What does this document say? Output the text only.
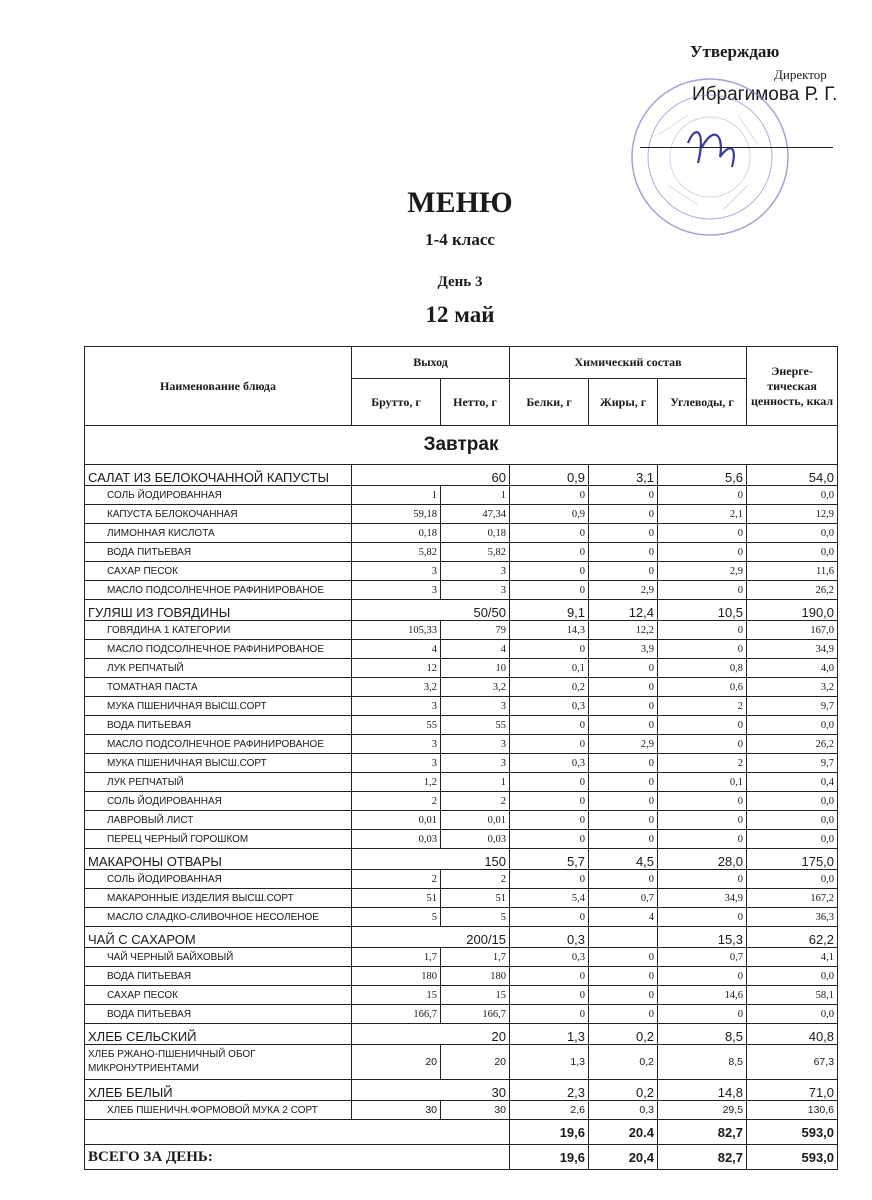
Утверждаю
Директор
Ибрагимова Р. Г.
МЕНЮ
1-4 класс
День 3
12 май
Наименование блюда	Выход		Химический состав			Энерге-тическая ценность, ккал
	Брутто, г	Нетто, г	Белки, г	Жиры, г	Углеводы, г	
Завтрак						
САЛАТ ИЗ БЕЛОКОЧАННОЙ КАПУСТЫ	60		0,9	3,1	5,6	54,0
СОЛЬ ЙОДИРОВАННАЯ	1	1	0	0	0	0,0
КАПУСТА БЕЛОКОЧАННАЯ	59,18	47,34	0,9	0	2,1	12,9
ЛИМОННАЯ КИСЛОТА	0,18	0,18	0	0	0	0,0
ВОДА ПИТЬЕВАЯ	5,82	5,82	0	0	0	0,0
САХАР ПЕСОК	3	3	0	0	2,9	11,6
МАСЛО ПОДСОЛНЕЧНОЕ РАФИНИРОВАНОЕ	3	3	0	2,9	0	26,2
ГУЛЯШ ИЗ ГОВЯДИНЫ	50/50		9,1	12,4	10,5	190,0
ГОВЯДИНА 1 КАТЕГОРИИ	105,33	79	14,3	12,2	0	167,0
МАСЛО ПОДСОЛНЕЧНОЕ РАФИНИРОВАНОЕ	4	4	0	3,9	0	34,9
ЛУК РЕПЧАТЫЙ	12	10	0,1	0	0,8	4,0
ТОМАТНАЯ ПАСТА	3,2	3,2	0,2	0	0,6	3,2
МУКА ПШЕНИЧНАЯ ВЫСШ.СОРТ	3	3	0,3	0	2	9,7
ВОДА ПИТЬЕВАЯ	55	55	0	0	0	0,0
МАСЛО ПОДСОЛНЕЧНОЕ РАФИНИРОВАНОЕ	3	3	0	2,9	0	26,2
МУКА ПШЕНИЧНАЯ ВЫСШ.СОРТ	3	3	0,3	0	2	9,7
ЛУК РЕПЧАТЫЙ	1,2	1	0	0	0,1	0,4
СОЛЬ ЙОДИРОВАННАЯ	2	2	0	0	0	0,0
ЛАВРОВЫЙ ЛИСТ	0,01	0,01	0	0	0	0,0
ПЕРЕЦ ЧЕРНЫЙ ГОРОШКОМ	0,03	0,03	0	0	0	0,0
МАКАРОНЫ ОТВАРЫ	150		5,7	4,5	28,0	175,0
СОЛЬ ЙОДИРОВАННАЯ	2	2	0	0	0	0,0
МАКАРОННЫЕ ИЗДЕЛИЯ ВЫСШ.СОРТ	51	51	5,4	0,7	34,9	167,2
МАСЛО СЛАДКО-СЛИВОЧНОЕ НЕСОЛЕНОЕ	5	5	0	4	0	36,3
ЧАЙ С САХАРОМ	200/15		0,3		15,3	62,2
ЧАЙ ЧЕРНЫЙ БАЙХОВЫЙ	1,7	1,7	0,3	0	0,7	4,1
ВОДА ПИТЬЕВАЯ	180	180	0	0	0	0,0
САХАР ПЕСОК	15	15	0	0	14,6	58,1
ВОДА ПИТЬЕВАЯ	166,7	166,7	0	0	0	0,0
ХЛЕБ СЕЛЬСКИЙ	20		1,3	0,2	8,5	40,8
ХЛЕБ РЖАНО-ПШЕНИЧНЫЙ ОБОГ МИКРОНУТРИЕНТАМИ	20	20	1,3	0,2	8,5	67,3
ХЛЕБ БЕЛЫЙ	30		2,3	0,2	14,8	71,0
ХЛЕБ ПШЕНИЧН.ФОРМОВОЙ МУКА 2 СОРТ	30	30	2,6	0,3	29,5	130,6
			19,6	20.4	82,7	593,0
ВСЕГО ЗА ДЕНЬ:			19,6	20,4	82,7	593,0
